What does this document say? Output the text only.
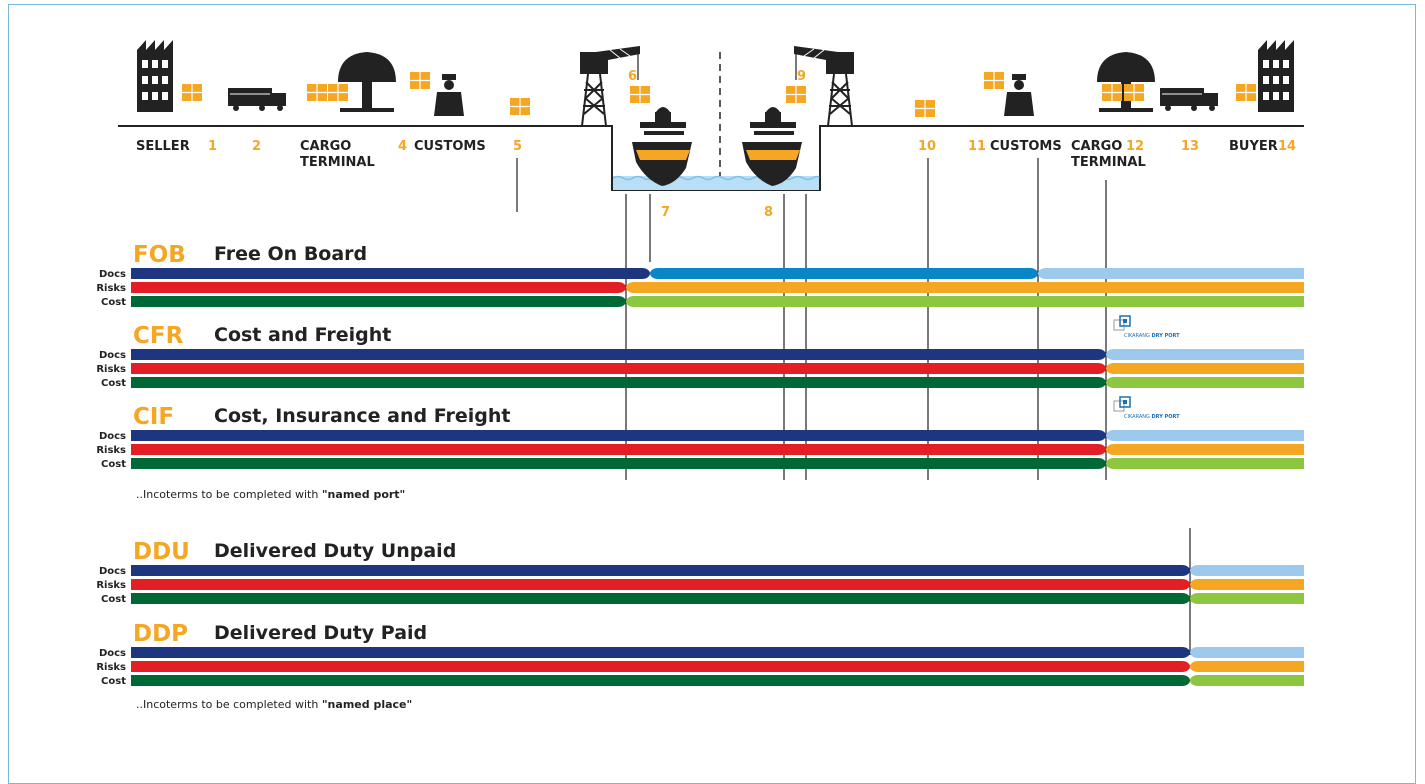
SELLER 1	2	CARGO
TERMINAL
4 CUSTOMS 5
6
7	8
9
10 11 CUSTOMS CARGO
TERMINAL
12	13 BUYER 14
FOB Free On Board
CFR Cost and Freight
CIF Cost, Insurance and Freight
DDU Delivered Duty Unpaid
DDP Delivered Duty Paid
Docs
Risks
Cost
Docs
Risks
Cost
Docs
Risks
Cost
Docs
Risks
Cost
Docs
Risks
Cost
CIKARANG DRY PORT
CIKARANG DRY PORT
..Incoterms to be completed with "named port"
..Incoterms to be completed with "named place"
